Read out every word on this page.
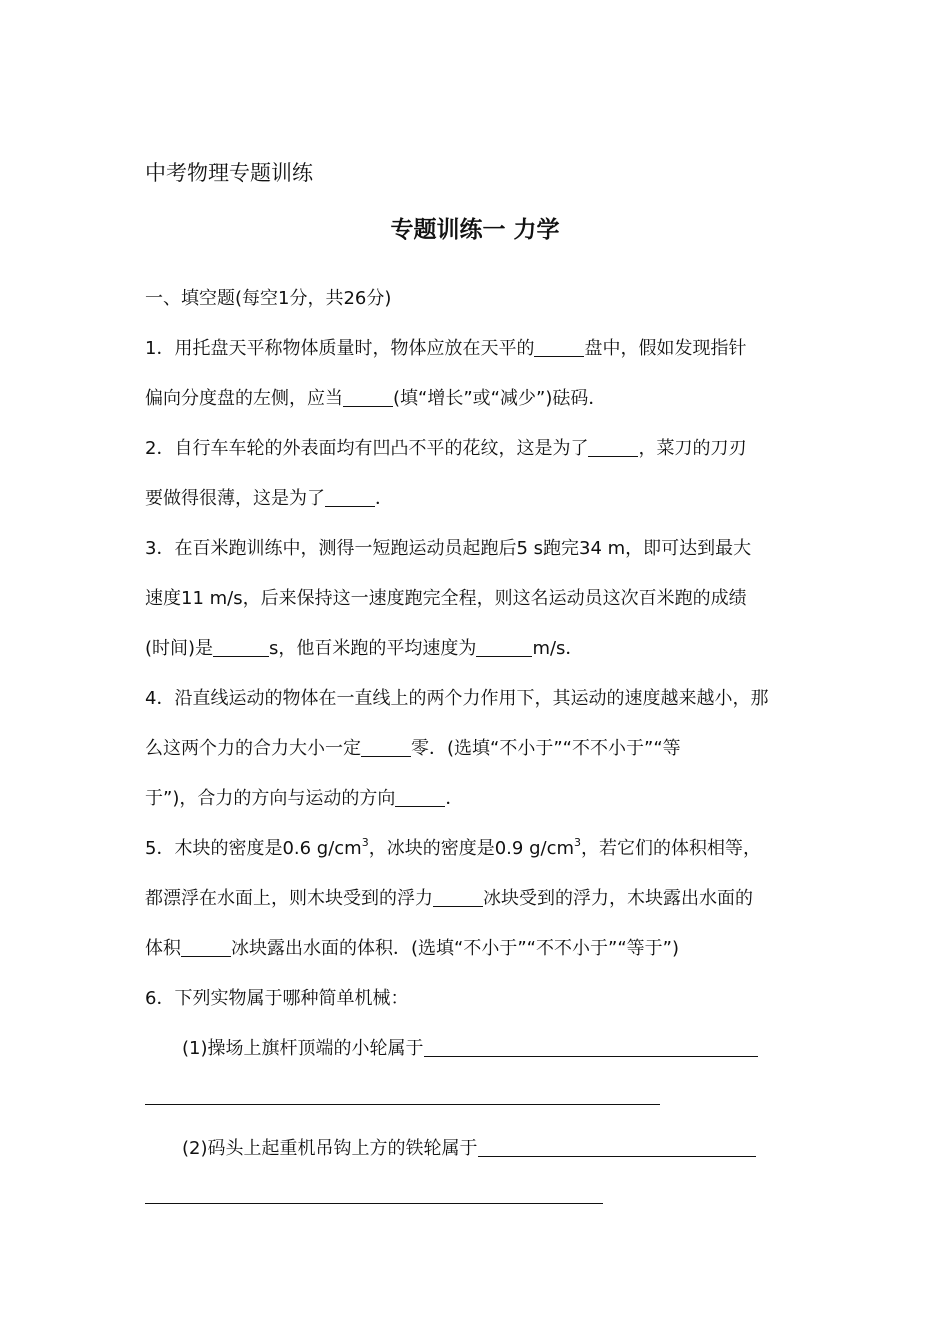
中考物理专题训练
专题训练一 力学
一、填空题(每空1分，共26分)
1．用托盘天平称物体质量时，物体应放在天平的	盘中，假如发现指针
偏向分度盘的左侧，应当	(填“增长”或“减少”)砝码．
2．自行车车轮的外表面均有凹凸不平的花纹，这是为了	，菜刀的刀刃
要做得很薄，这是为了	．
3．在百米跑训练中，测得一短跑运动员起跑后5 s跑完34 m，即可达到最大
速度11 m/s，后来保持这一速度跑完全程，则这名运动员这次百米跑的成绩
(时间)是	s，他百米跑的平均速度为	m/s．
4．沿直线运动的物体在一直线上的两个力作用下，其运动的速度越来越小，那
么这两个力的合力大小一定	零．(选填“不小于”“不不小于”“等
于”)，合力的方向与运动的方向	．
5．木块的密度是0.6 $g/cm^3$，冰块的密度是0.9 $g/cm^3$，若它们的体积相等，
都漂浮在水面上，则木块受到的浮力	冰块受到的浮力，木块露出水面的
体积	冰块露出水面的体积．(选填“不小于”“不不小于”“等于”)
6．下列实物属于哪种简单机械：
(1)操场上旗杆顶端的小轮属于
(2)码头上起重机吊钩上方的铁轮属于
